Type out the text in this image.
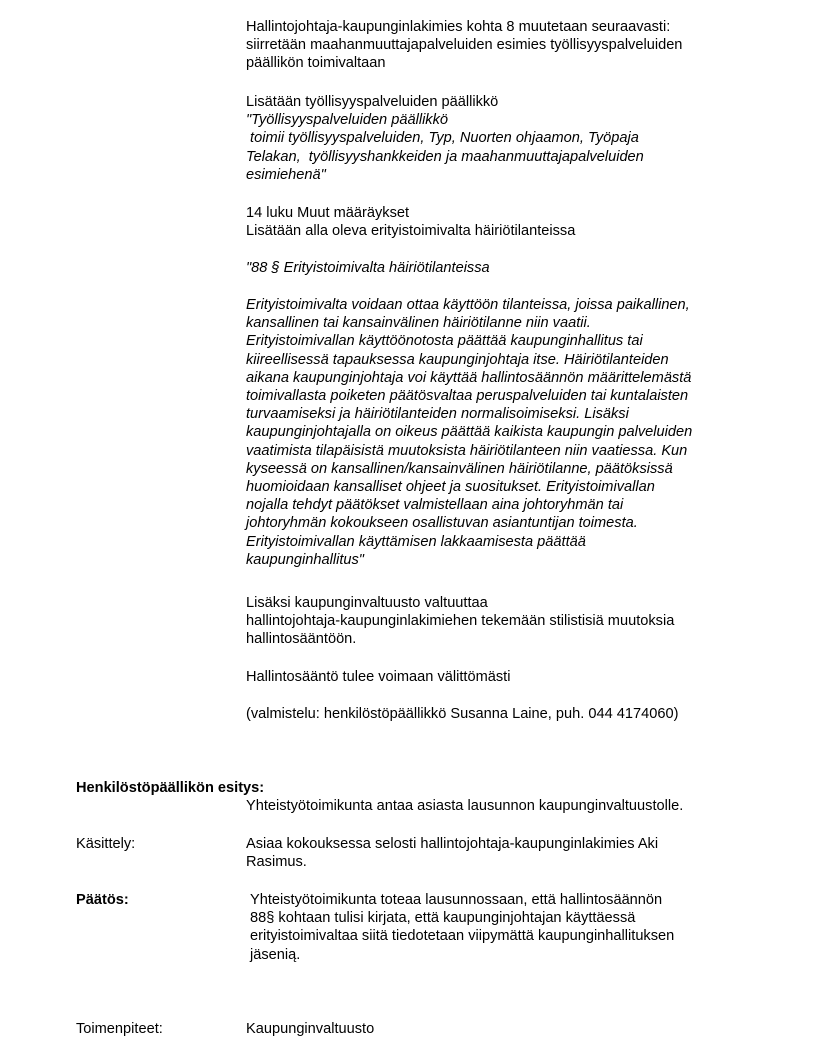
Hallintojohtaja-kaupunginlakimies kohta 8 muutetaan seuraavasti:
siirretään maahanmuuttajapalveluiden esimies työllisyyspalveluiden
päällikön toimivaltaan
Lisätään työllisyyspalveluiden päällikkö
"Työllisyyspalveluiden päällikkö
toimii työllisyyspalveluiden, Typ, Nuorten ohjaamon, Työpaja
Telakan,  työllisyyshankkeiden ja maahanmuuttajapalveluiden
esimiehenä"
14 luku Muut määräykset
Lisätään alla oleva erityistoimivalta häiriötilanteissa
"88 § Erityistoimivalta häiriötilanteissa
Erityistoimivalta voidaan ottaa käyttöön tilanteissa, joissa paikallinen,
kansallinen tai kansainvälinen häiriötilanne niin vaatii.
Erityistoimivallan käyttöönotosta päättää kaupunginhallitus tai
kiireellisessä tapauksessa kaupunginjohtaja itse. Häiriötilanteiden
aikana kaupunginjohtaja voi käyttää hallintosäännön määrittelemästä
toimivallasta poiketen päätösvaltaa peruspalveluiden tai kuntalaisten
turvaamiseksi ja häiriötilanteiden normalisoimiseksi. Lisäksi
kaupunginjohtajalla on oikeus päättää kaikista kaupungin palveluiden
vaatimista tilapäisistä muutoksista häiriötilanteen niin vaatiessa. Kun
kyseessä on kansallinen/kansainvälinen häiriötilanne, päätöksissä
huomioidaan kansalliset ohjeet ja suositukset. Erityistoimivallan
nojalla tehdyt päätökset valmistellaan aina johtoryhmän tai
johtoryhmän kokoukseen osallistuvan asiantuntijan toimesta.
Erityistoimivallan käyttämisen lakkaamisesta päättää
kaupunginhallitus"
Lisäksi kaupunginvaltuusto valtuuttaa
hallintojohtaja-kaupunginlakimiehen tekemään stilistisiä muutoksia
hallintosääntöön.
Hallintosääntö tulee voimaan välittömästi
(valmistelu: henkilöstöpäällikkö Susanna Laine, puh. 044 4174060)
Henkilöstöpäällikön esitys:
Yhteistyötoimikunta antaa asiasta lausunnon kaupunginvaltuustolle.
Käsittely:	Asiaa kokouksessa selosti hallintojohtaja-kaupunginlakimies Aki
Rasimus.
Päätös:	Yhteistyötoimikunta toteaa lausunnossaan, että hallintosäännön
88§ kohtaan tulisi kirjata, että kaupunginjohtajan käyttäessä
erityistoimivaltaa siitä tiedotetaan viipymättä kaupunginhallituksen
jäsenią.
Toimenpiteet:	Kaupunginvaltuusto
